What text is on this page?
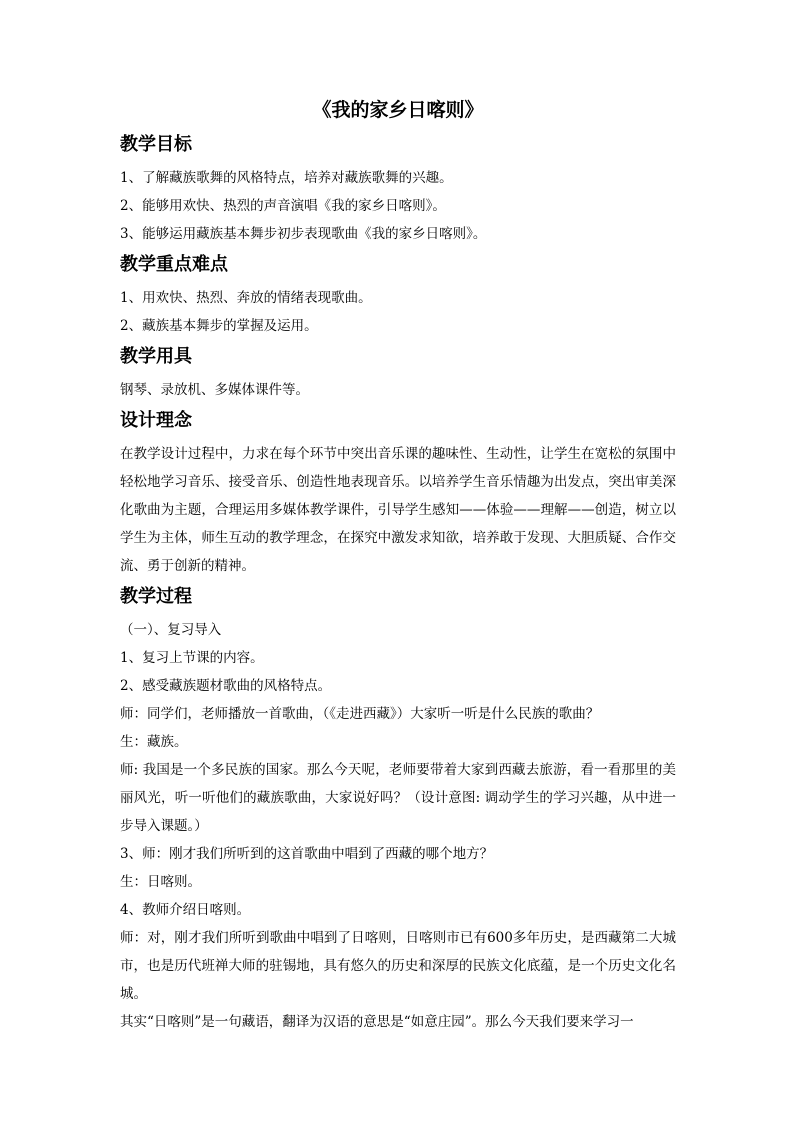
《我的家乡日喀则》
教学目标

1、了解藏族歌舞的风格特点，培养对藏族歌舞的兴趣。

2、能够用欢快、热烈的声音演唱《我的家乡日喀则》。

3、能够运用藏族基本舞步初步表现歌曲《我的家乡日喀则》。

教学重点难点

1、用欢快、热烈、奔放的情绪表现歌曲。

2、藏族基本舞步的掌握及运用。

教学用具

钢琴、录放机、多媒体课件等。

设计理念

在教学设计过程中，力求在每个环节中突出音乐课的趣味性、生动性，让学生在宽松的氛围中轻松地学习音乐、接受音乐、创造性地表现音乐。以培养学生音乐情趣为出发点，突出审美深化歌曲为主题，合理运用多媒体教学课件，引导学生感知——体验——理解——创造，树立以学生为主体，师生互动的教学理念，在探究中激发求知欲，培养敢于发现、大胆质疑、合作交流、勇于创新的精神。

教学过程

（一）、复习导入

1、复习上节课的内容。

2、感受藏族题材歌曲的风格特点。

师：同学们，老师播放一首歌曲，（《走进西藏》）大家听一听是什么民族的歌曲？

生：藏族。

师: 我国是一个多民族的国家。那么今天呢，老师要带着大家到西藏去旅游，看一看那里的美丽风光，听一听他们的藏族歌曲，大家说好吗？（设计意图: 调动学生的学习兴趣，从中进一步导入课题。）

3、师：刚才我们所听到的这首歌曲中唱到了西藏的哪个地方？

生：日喀则。

4、教师介绍日喀则。

师：对，刚才我们所听到歌曲中唱到了日喀则，日喀则市已有600多年历史，是西藏第二大城市，也是历代班禅大师的驻锡地，具有悠久的历史和深厚的民族文化底蕴，是一个历史文化名城。

其实“日喀则”是一句藏语，翻译为汉语的意思是“如意庄园”。那么今天我们要来学习一
